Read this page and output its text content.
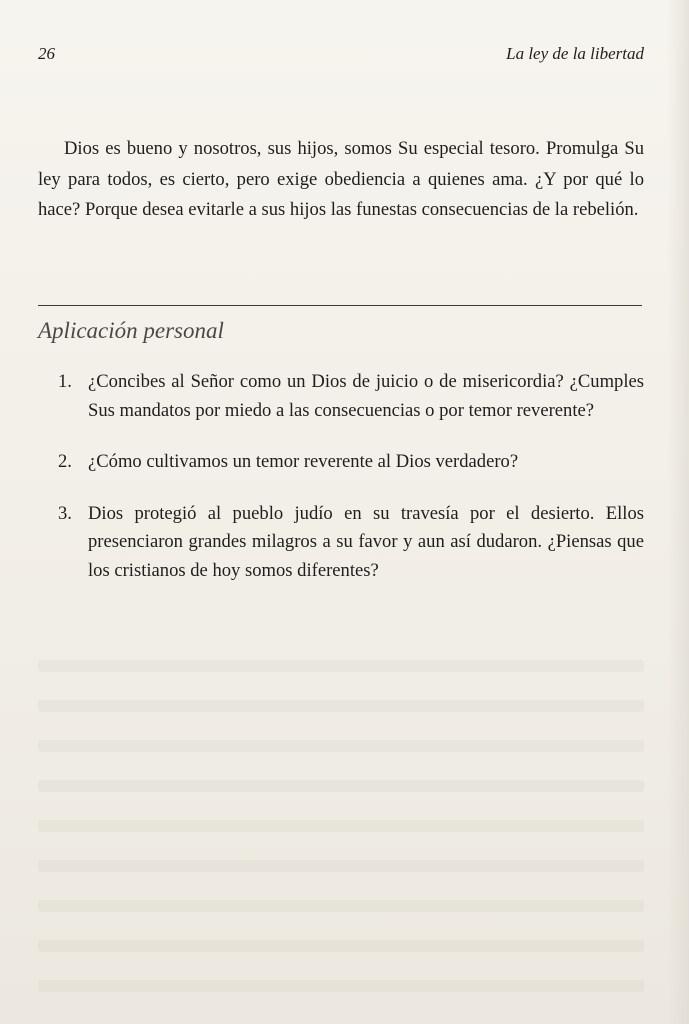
26	La ley de la libertad

Dios es bueno y nosotros, sus hijos, somos Su especial tesoro. Promulga Su ley para todos, es cierto, pero exige obediencia a quienes ama. ¿Y por qué lo hace? Porque desea evitarle a sus hijos las funestas consecuencias de la rebelión.

Aplicación personal
1. ¿Concibes al Señor como un Dios de juicio o de misericordia? ¿Cumples Sus mandatos por miedo a las consecuencias o por temor reverente?
2. ¿Cómo cultivamos un temor reverente al Dios verdadero?
3. Dios protegió al pueblo judío en su travesía por el desierto. Ellos presenciaron grandes milagros a su favor y aun así dudaron. ¿Piensas que los cristianos de hoy somos diferentes?
